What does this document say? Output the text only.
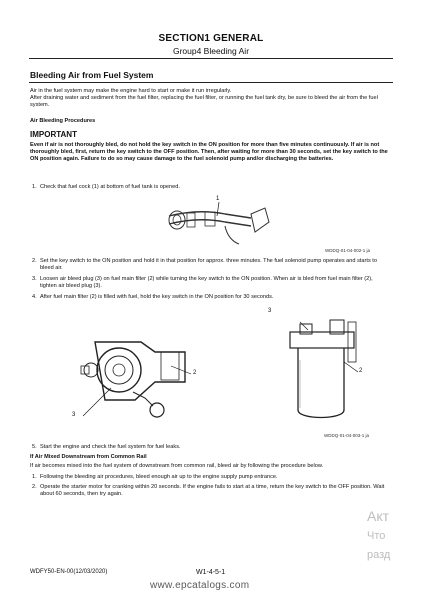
SECTION1 GENERAL
Group4 Bleeding Air
Bleeding Air from Fuel System
Air in the fuel system may make the engine hard to start or make it run irregularly.
After draining water and sediment from the fuel filter, replacing the fuel filter, or running the fuel tank dry, be sure to bleed the air from the fuel system.
Air Bleeding Procedures
IMPORTANT
Even if air is not thoroughly bled, do not hold the key switch in the ON position for more than five minutes continuously. If air is not thoroughly bled, first, return the key switch to the OFF position. Then, after waiting for more than 30 seconds, set the key switch to the ON position again. Failure to do so may cause damage to the fuel solenoid pump and/or discharging the batteries.
1. Check that fuel cock (1) at bottom of fuel tank is opened.
1
WDDQ-01-04-002-1 ja
2. Set the key switch to the ON position and hold it in that position for approx. three minutes. The fuel solenoid pump operates and starts to bleed air.
3. Loosen air bleed plug (3) on fuel main filter (2) while turning the key switch to the ON position. When air is bled from fuel main filter (2), tighten air bleed plug (3).
4. After fuel main filter (2) is filled with fuel, hold the key switch in the ON position for 30 seconds.
3
2
3
2
WDDQ-01-04-003-1 ja
5. Start the engine and check the fuel system for fuel leaks.
If Air Mixed Downstream from Common Rail
If air becomes mixed into the fuel system of downstream from common rail, bleed air by following the procedure below.
1. Following the bleeding air procedures, bleed enough air up to the engine supply pump entrance.
2. Operate the starter motor for cranking within 20 seconds. If the engine fails to start at a time, return the key switch to the OFF position. Wait about 60 seconds, then try again.
WDFY50-EN-00(12/03/2020)	W1-4-5-1
www.epcatalogs.com
Акт
Что
разд
